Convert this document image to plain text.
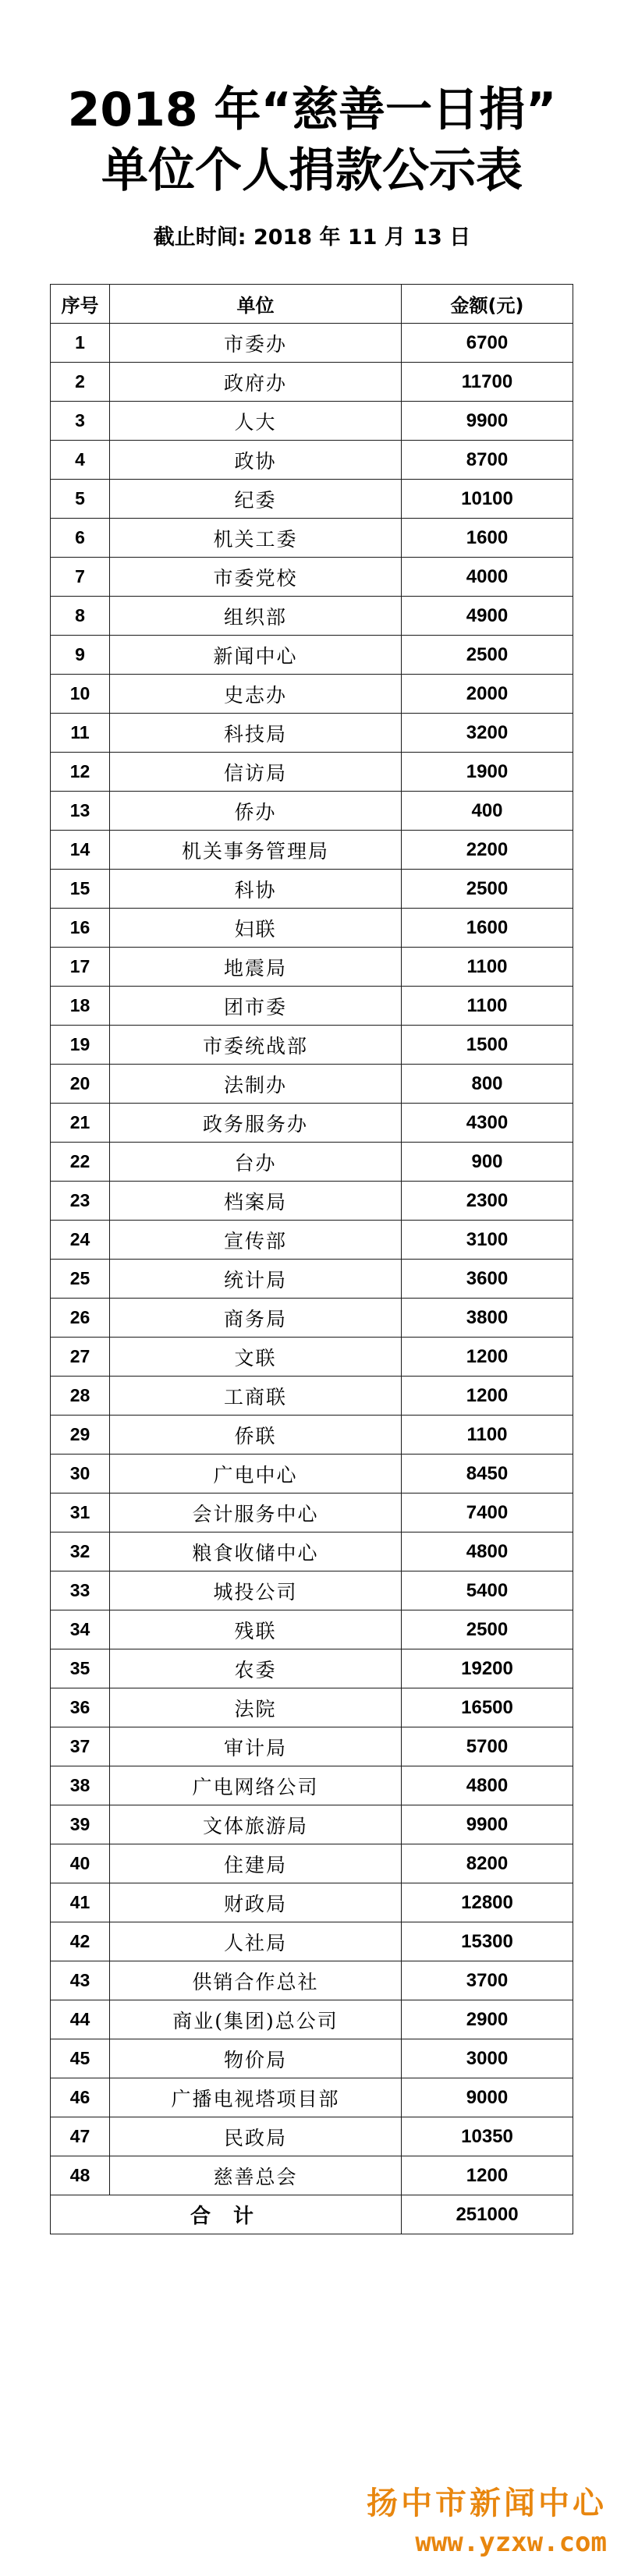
2018 年“慈善一日捐”
单位个人捐款公示表
截止时间: 2018 年 11 月 13 日
序号	单位	金额(元)
1	市委办	6700
2	政府办	11700
3	人大	9900
4	政协	8700
5	纪委	10100
6	机关工委	1600
7	市委党校	4000
8	组织部	4900
9	新闻中心	2500
10	史志办	2000
11	科技局	3200
12	信访局	1900
13	侨办	400
14	机关事务管理局	2200
15	科协	2500
16	妇联	1600
17	地震局	1100
18	团市委	1100
19	市委统战部	1500
20	法制办	800
21	政务服务办	4300
22	台办	900
23	档案局	2300
24	宣传部	3100
25	统计局	3600
26	商务局	3800
27	文联	1200
28	工商联	1200
29	侨联	1100
30	广电中心	8450
31	会计服务中心	7400
32	粮食收储中心	4800
33	城投公司	5400
34	残联	2500
35	农委	19200
36	法院	16500
37	审计局	5700
38	广电网络公司	4800
39	文体旅游局	9900
40	住建局	8200
41	财政局	12800
42	人社局	15300
43	供销合作总社	3700
44	商业(集团)总公司	2900
45	物价局	3000
46	广播电视塔项目部	9000
47	民政局	10350
48	慈善总会	1200
合 计		251000
扬中市新闻中心
www.yzxw.com
